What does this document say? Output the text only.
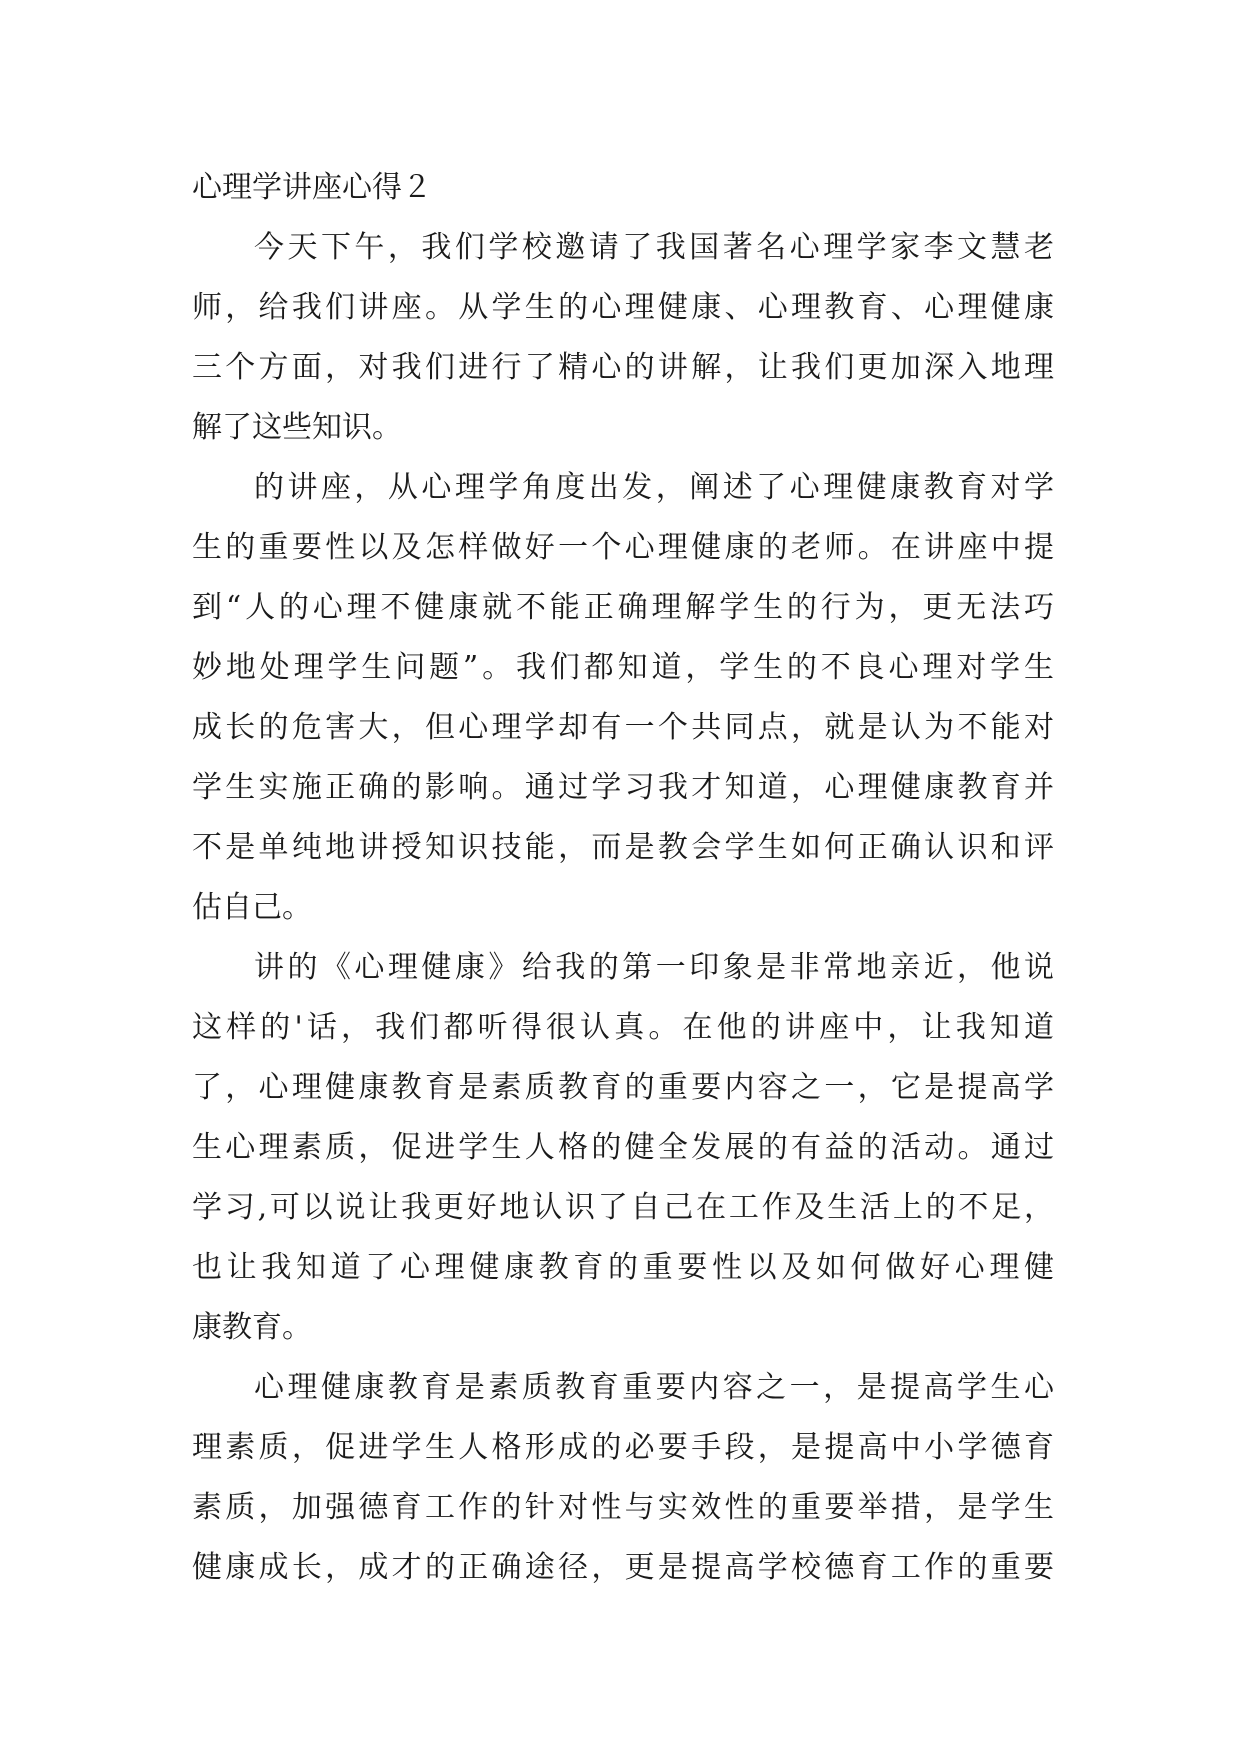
心理学讲座心得２

今天下午，我们学校邀请了我国著名心理学家李文慧老
师，给我们讲座。从学生的心理健康、心理教育、心理健康
三个方面，对我们进行了精心的讲解，让我们更加深入地理
解了这些知识。

的讲座，从心理学角度出发，阐述了心理健康教育对学
生的重要性以及怎样做好一个心理健康的老师。在讲座中提
到“人的心理不健康就不能正确理解学生的行为，更无法巧
妙地处理学生问题”。我们都知道，学生的不良心理对学生
成长的危害大，但心理学却有一个共同点，就是认为不能对
学生实施正确的影响。通过学习我才知道，心理健康教育并
不是单纯地讲授知识技能，而是教会学生如何正确认识和评
估自己。

讲的《心理健康》给我的第一印象是非常地亲近，他说
这样的'话，我们都听得很认真。在他的讲座中，让我知道
了，心理健康教育是素质教育的重要内容之一，它是提高学
生心理素质，促进学生人格的健全发展的有益的活动。通过
学习,可以说让我更好地认识了自己在工作及生活上的不足，
也让我知道了心理健康教育的重要性以及如何做好心理健
康教育。

心理健康教育是素质教育重要内容之一，是提高学生心
理素质，促进学生人格形成的必要手段，是提高中小学德育
素质，加强德育工作的针对性与实效性的重要举措，是学生
健康成长，成才的正确途径，更是提高学校德育工作的重要
